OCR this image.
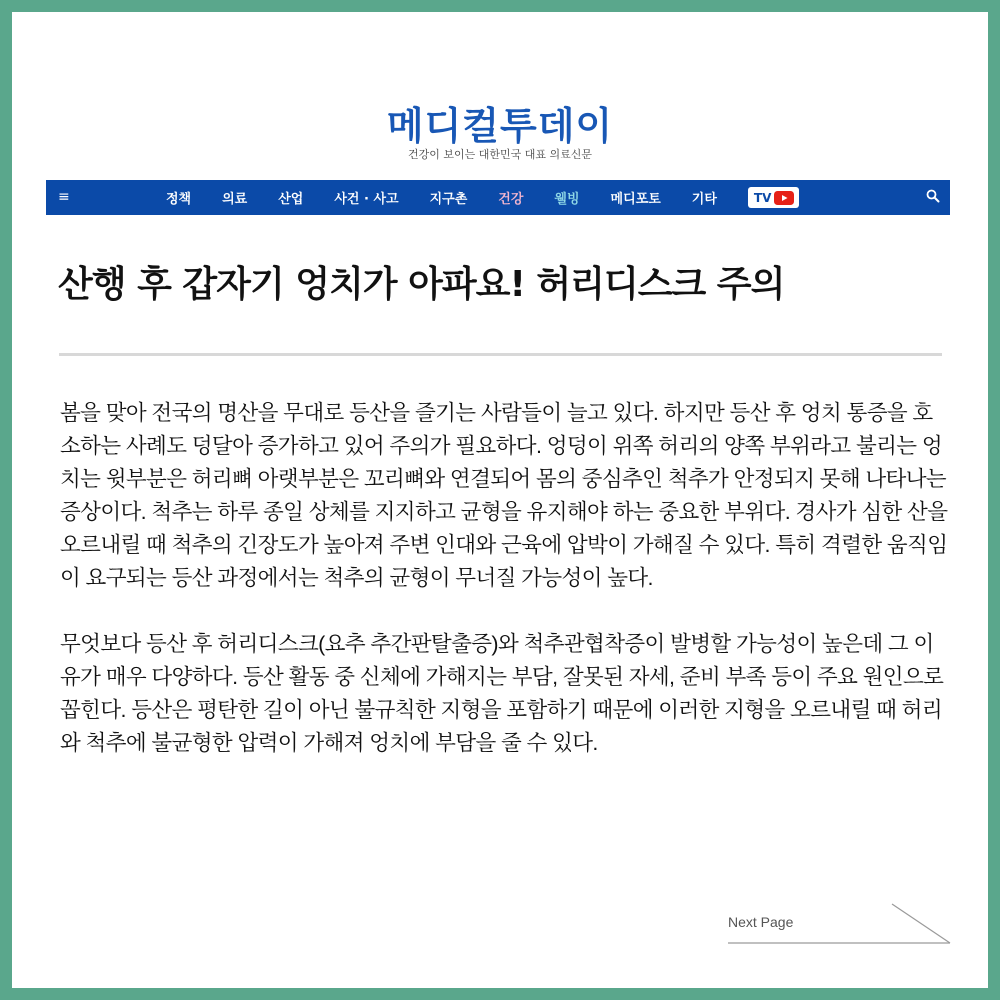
메디컬투데이
건강이 보이는 대한민국 대표 의료신문
≡	정책 의료 산업 사건 · 사고 지구촌 건강 웰빙 메디포토 기타	TV
산행 후 갑자기 엉치가 아파요! 허리디스크 주의

봄을 맞아 전국의 명산을 무대로 등산을 즐기는 사람들이 늘고 있다. 하지만 등산 후 엉치 통증을 호소하는 사례도 덩달아 증가하고 있어 주의가 필요하다. 엉덩이 위쪽 허리의 양쪽 부위라고 불리는 엉치는 윗부분은 허리뼈 아랫부분은 꼬리뼈와 연결되어 몸의 중심추인 척추가 안정되지 못해 나타나는 증상이다. 척추는 하루 종일 상체를 지지하고 균형을 유지해야 하는 중요한 부위다. 경사가 심한 산을 오르내릴 때 척추의 긴장도가 높아져 주변 인대와 근육에 압박이 가해질 수 있다. 특히 격렬한 움직임이 요구되는 등산 과정에서는 척추의 균형이 무너질 가능성이 높다.

무엇보다 등산 후 허리디스크(요추 추간판탈출증)와 척추관협착증이 발병할 가능성이 높은데 그 이유가 매우 다양하다. 등산 활동 중 신체에 가해지는 부담, 잘못된 자세, 준비 부족 등이 주요 원인으로 꼽힌다. 등산은 평탄한 길이 아닌 불규칙한 지형을 포함하기 때문에 이러한 지형을 오르내릴 때 허리와 척추에 불균형한 압력이 가해져 엉치에 부담을 줄 수 있다.

Next Page
